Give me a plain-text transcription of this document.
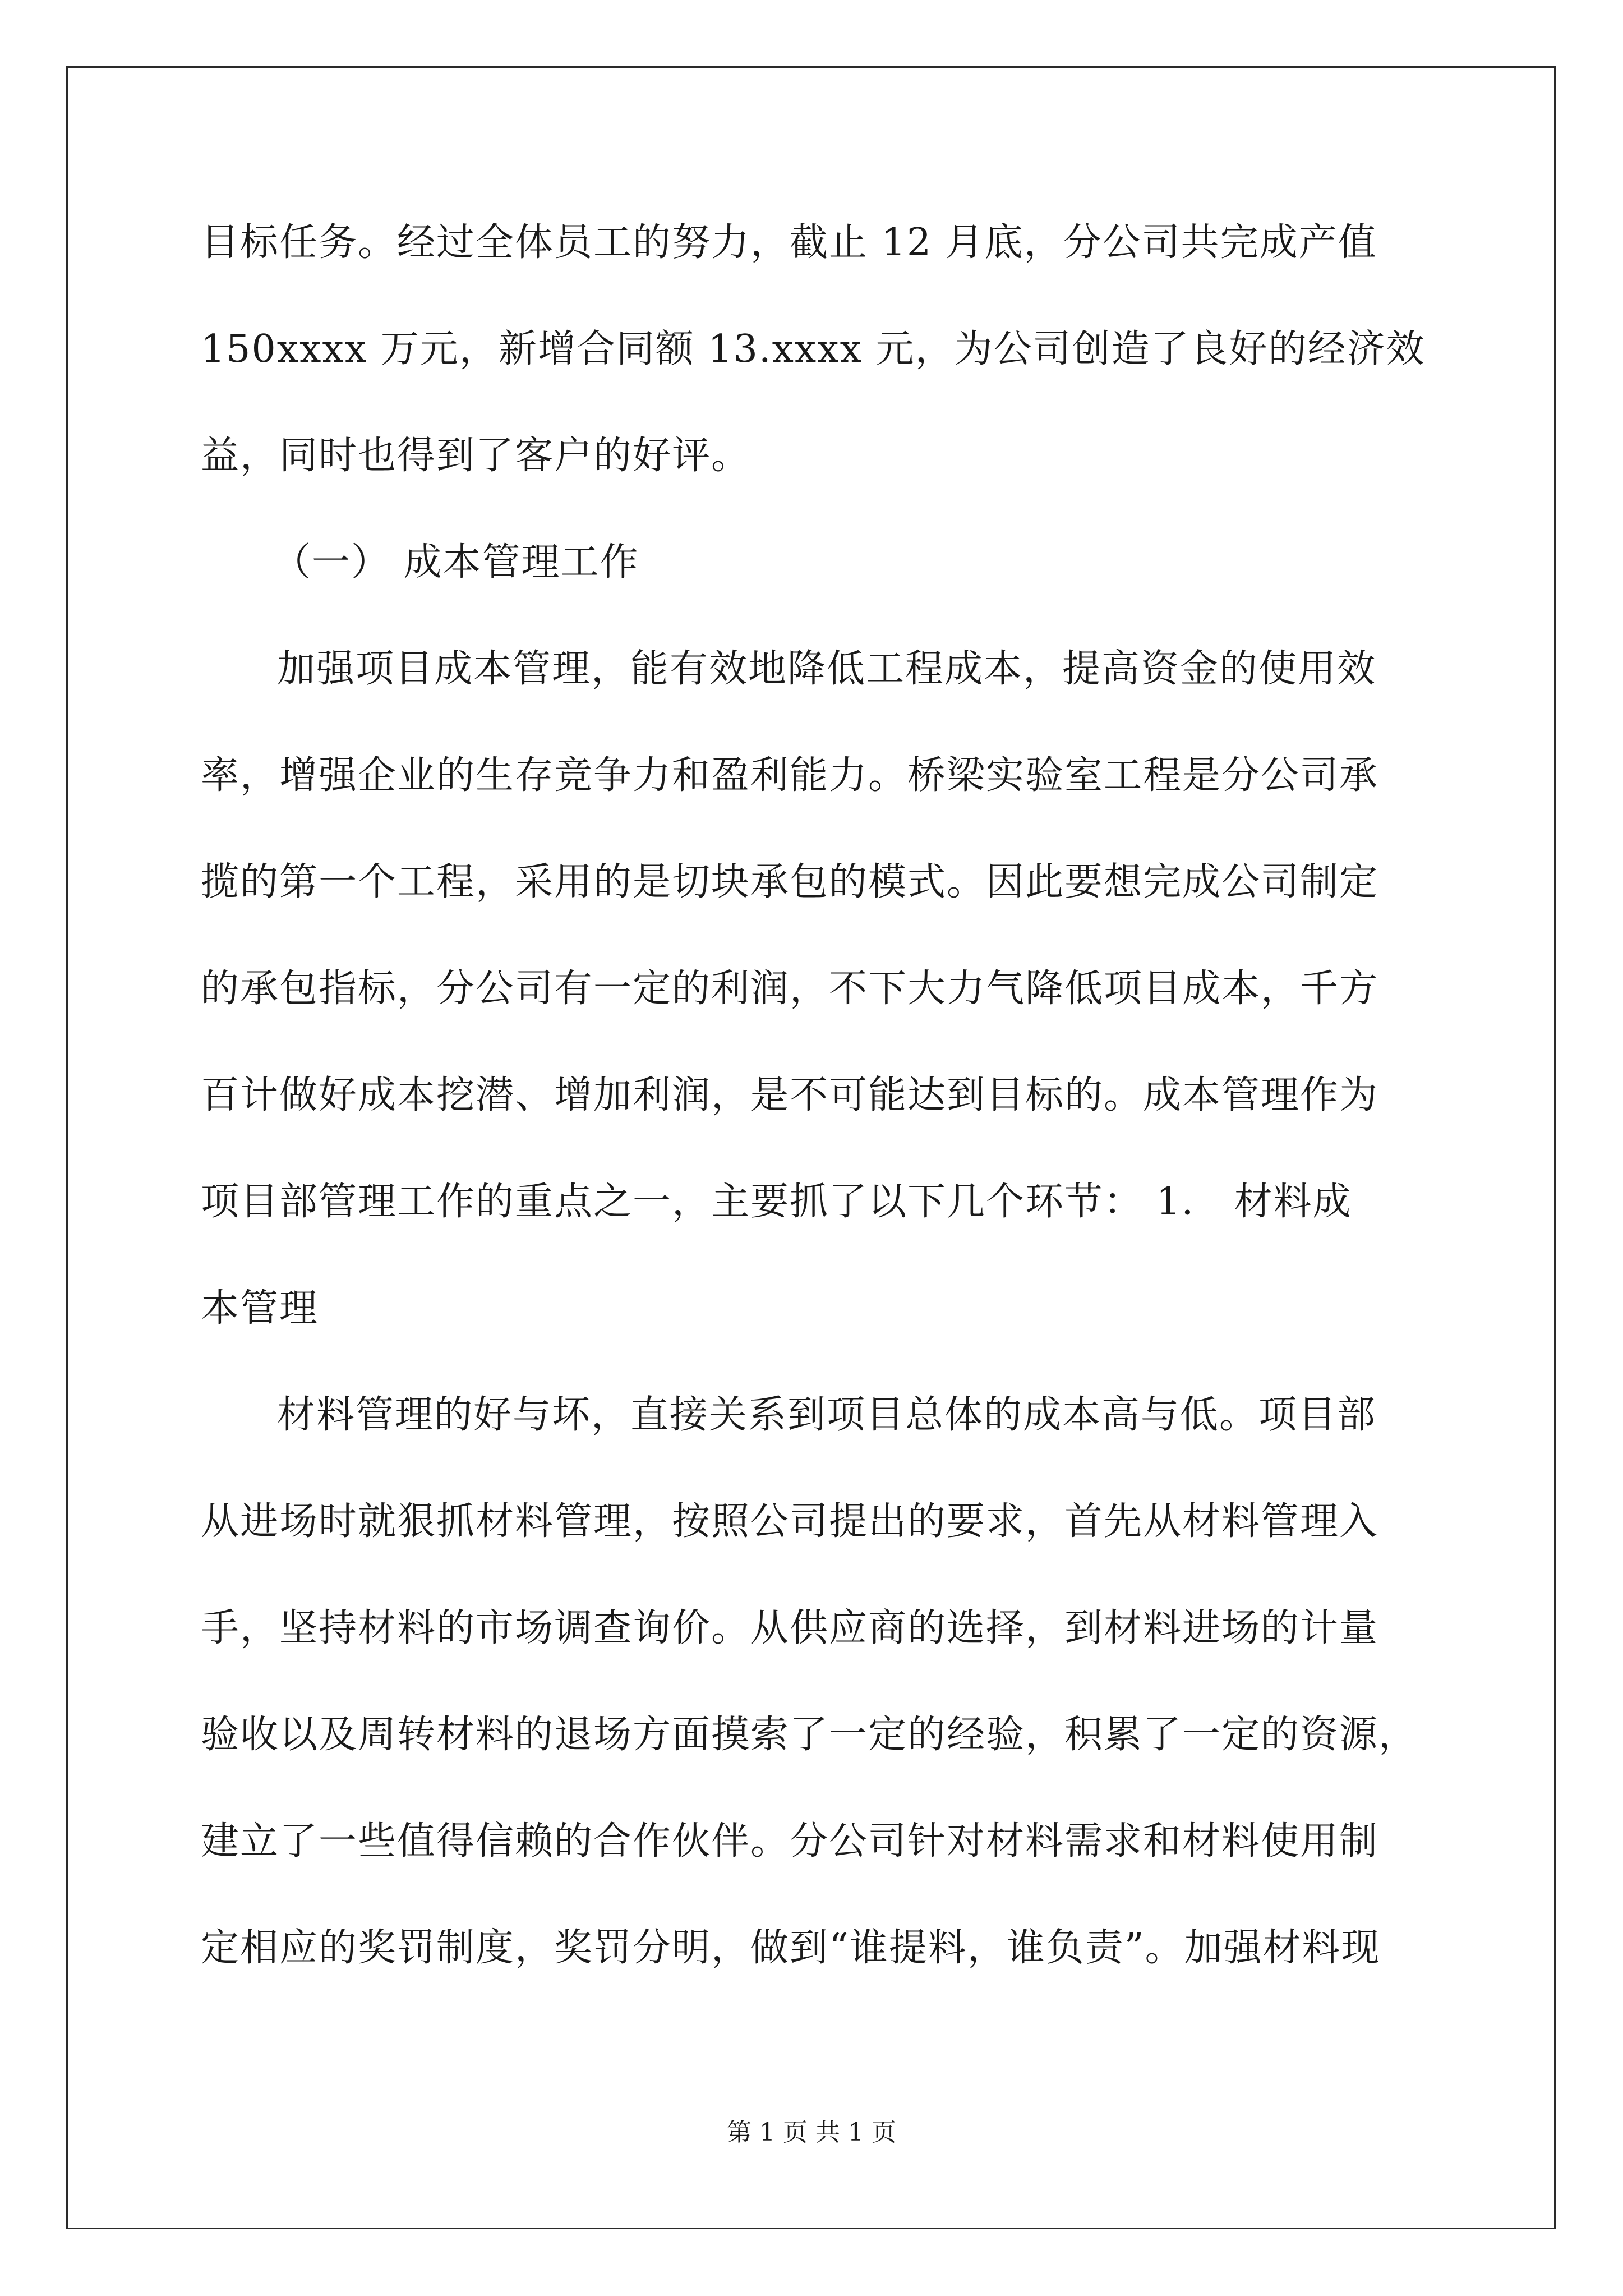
目标任务。经过全体员工的努力，截止 12 月底，分公司共完成产值
150xxxx 万元，新增合同额 13.xxxx 元，为公司创造了良好的经济效
益，同时也得到了客户的好评。
（一） 成本管理工作
加强项目成本管理，能有效地降低工程成本，提高资金的使用效
率，增强企业的生存竞争力和盈利能力。桥梁实验室工程是分公司承
揽的第一个工程，采用的是切块承包的模式。因此要想完成公司制定
的承包指标，分公司有一定的利润，不下大力气降低项目成本，千方
百计做好成本挖潜、增加利润，是不可能达到目标的。成本管理作为
项目部管理工作的重点之一，主要抓了以下几个环节： 1． 材料成
本管理
材料管理的好与坏，直接关系到项目总体的成本高与低。项目部
从进场时就狠抓材料管理，按照公司提出的要求，首先从材料管理入
手，坚持材料的市场调查询价。从供应商的选择，到材料进场的计量
验收以及周转材料的退场方面摸索了一定的经验，积累了一定的资源，
建立了一些值得信赖的合作伙伴。分公司针对材料需求和材料使用制
定相应的奖罚制度，奖罚分明，做到“谁提料，谁负责”。加强材料现
第 1 页 共 1 页
